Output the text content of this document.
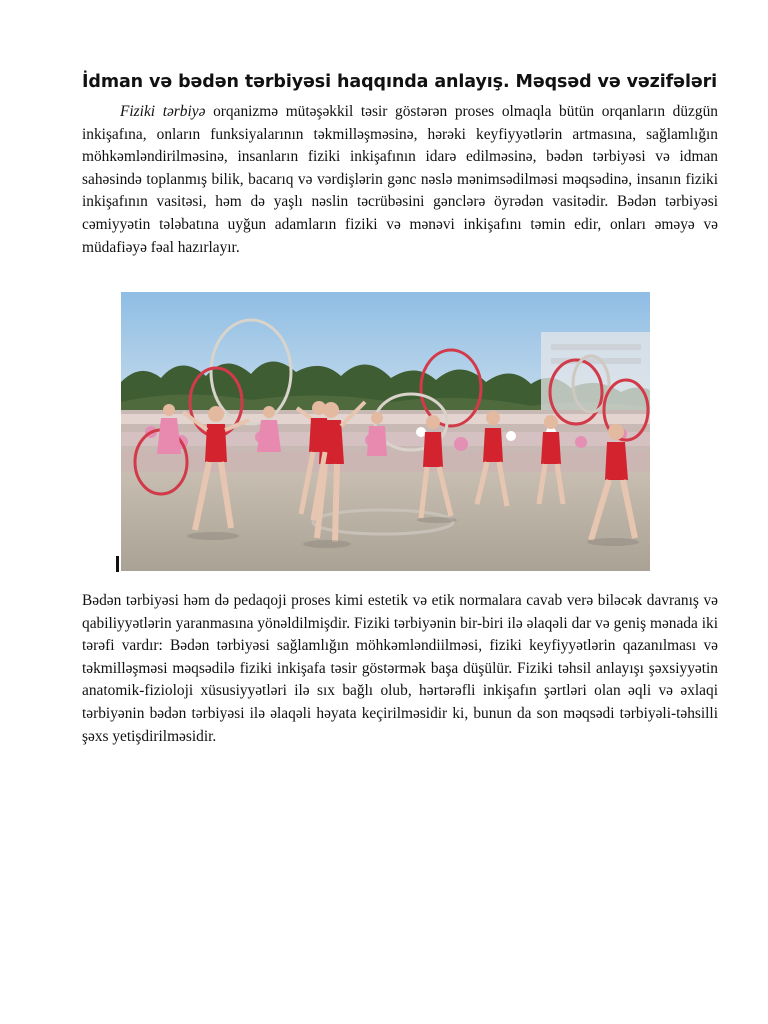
İdman və bədən tərbiyəsi haqqında anlayış. Məqsəd və vəzifələri

Fiziki tərbiyə orqanizmə mütəşəkkil təsir göstərən proses olmaqla bütün orqanların düzgün inkişafına, onların funksiyalarının təkmilləşməsinə, hərəki keyfiyyətlərin artmasına, sağlamlığın möhkəmləndirilməsinə, insanların fiziki inkişafının idarə edilməsinə, bədən tərbiyəsi və idman sahəsində toplanmış bilik, bacarıq və vərdişlərin gənc nəslə mənimsədilməsi məqsədinə, insanın fiziki inkişafının vasitəsi, həm də yaşlı nəslin təcrübəsini gənclərə öyrədən vasitədir. Bədən tərbiyəsi cəmiyyətin tələbatına uyğun adamların fiziki və mənəvi inkişafını təmin edir, onları əməyə və müdafiəyə fəal hazırlayır.

Bədən tərbiyəsi həm də pedaqoji proses kimi estetik və etik normalara cavab verə biləcək davranış və qabiliyyətlərin yaranmasına yönəldilmişdir. Fiziki tərbiyənin bir-biri ilə əlaqəli dar və geniş mənada iki tərəfi vardır: Bədən tərbiyəsi sağlamlığın möhkəmləndiilməsi, fiziki keyfiyyətlərin qazanılması və təkmilləşməsi məqsədilə fiziki inkişafa təsir göstərmək başa düşülür. Fiziki təhsil anlayışı şəxsiyyətin anatomik-fizioloji xüsusiyyətləri ilə sıx bağlı olub, hərtərəfli inkişafın şərtləri olan əqli və əxlaqi tərbiyənin bədən tərbiyəsi ilə əlaqəli həyata keçirilməsidir ki, bunun da son məqsədi tərbiyəli-təhsilli şəxs yetişdirilməsidir.
